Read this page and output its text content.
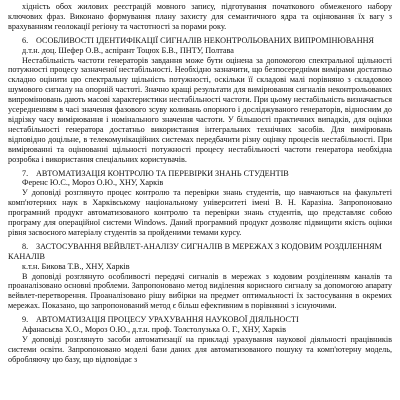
хідність обох жилових реєстрацій мовного запису, підготування початкового обмеженого набору ключових фраз. Виконано формування плану захисту для семантичного ядра та оцінювання їх вагу з врахуванням геолокації регіону та частотності за порами року.

6. ОСОБЛИВОСТІ ІДЕНТИФІКАЦІЇ СИГНАЛІВ НЕКОНТРОЛЬОВАНИХ ВИПРОМІНЮВАННЯ

д.т.н. доц. Шефер О.В., аспірант Тоцюх Б.В., ПНТУ, Полтава

Нестабільність частоти генераторів завдання може бути оцінена за допомогою спектральної щільності потужності процесу зазначеної нестабільності. Необхідно зазначити, що безпосередніми вимірами достатньо складно оцінити цю спектральну щільність потужності, оскільки її складові малі порівняно з складовою шумового сигналу на опорній частоті. Значно кращі результати для вимірювання сигналів неконтрольованих випромінювань дають масові характеристики нестабільності частоти. При цьому нестабільність визначається усередненням в часі значення фазового зсуву коливань опорного і досліджуваного генераторів, відносним до відрізку часу вимірювання і номінального значення частоти. У більшості практичних випадків, для оцінки нестабільності генератора достатньо використання інтегральних технічних засобів. Для вимірювань відповідно доцільне, в телекомунікаційних системах передбачити різну оцінку процесів нестабільності. При вимірюванні та оцінюванні щільності потужності процесу нестабільності частоти генератора необхідна розробка і використання спеціальних користувачів.

7. АВТОМАТИЗАЦІЯ КОНТРОЛЮ ТА ПЕРЕВІРКИ ЗНАНЬ СТУДЕНТІВ

Ференс Ю.С., Мороз О.Ю., ХНУ, Харків

У доповіді розглянуто процес контролю та перевірки знань студентів, що навчаються на факультеті комп'ютерних наук в Харківському національному університеті імені В. Н. Каразіна. Запропоновано програмний продукт автоматизованого контролю та перевірки знань студентів, що представляє собою програму для операційної системи Windows. Даний програмний продукт дозволяє підвищити якість оцінки рівня засвоєного матеріалу студентів за пройденими темами курсу.

8. ЗАСТОСУВАННЯ ВЕЙВЛЕТ-АНАЛІЗУ СИГНАЛІВ В МЕРЕЖАХ З КОДОВИМ РОЗДІЛЕННЯМ КАНАЛІВ

к.т.н. Бикова Т.В., ХНУ, Харків

В доповіді розглянуто особливості передачі сигналів в мережах з кодовим розділенням каналів та проаналізовано основні проблеми. Запропоновано метод виділення корисного сигналу за допомогою апарату вейвлет-перетворення. Проаналізовано рішу вибірки на предмет оптимальності їх застосування в окремих мережах. Показано, що запропонований метод є більш ефективним в порівнянні з існуючими.

9. АВТОМАТИЗАЦІЯ ПРОЦЕСУ УРАХУВАННЯ НАУКОВОЇ ДІЯЛЬНОСТІ

Афанасьєва Х.О., Мороз О.Ю., д.т.н. проф. Толстолузька О. Г., ХНУ, Харків

У доповіді розглянуто засоби автоматизації на прикладі урахування наукової діяльності працівників системи освіти. Запропоновано моделі бази даних для автоматизованого пошуку та комп'ютерну модель, обробляючу цю базу, що відповідає з
